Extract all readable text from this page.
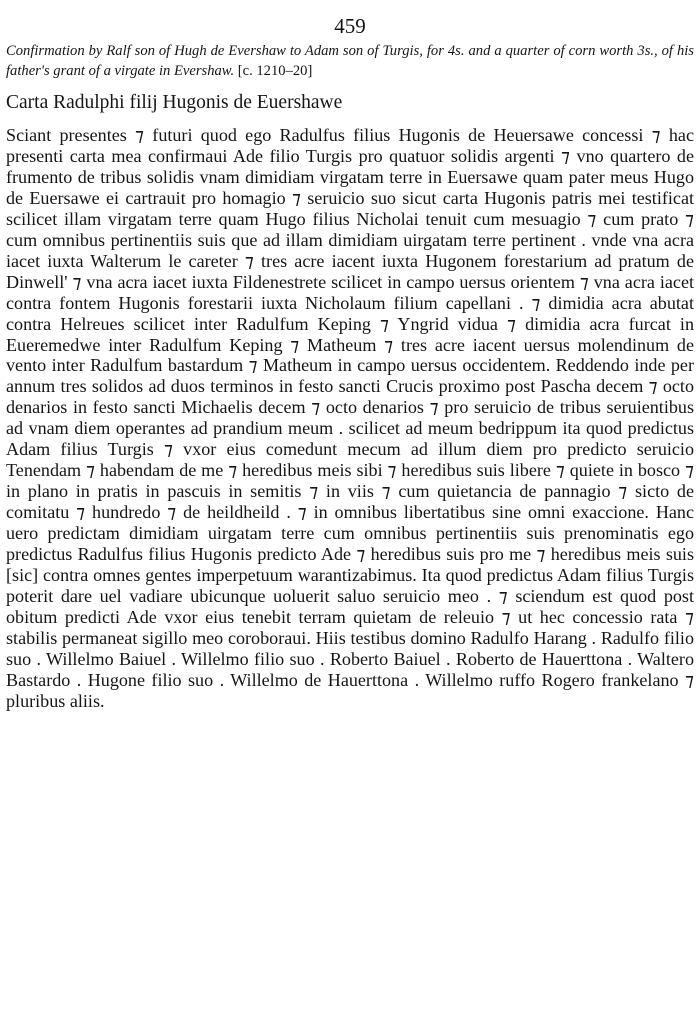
459
Confirmation by Ralf son of Hugh de Evershaw to Adam son of Turgis, for 4s. and a quarter of corn worth 3s., of his father's grant of a virgate in Evershaw. [c. 1210–20]
Carta Radulphi filij Hugonis de Euershawe

Sciant presentes ⁊ futuri quod ego Radulfus filius Hugonis de Heuersawe concessi ⁊ hac presenti carta mea confirmaui Ade filio Turgis pro quatuor solidis argenti ⁊ vno quartero de frumento de tribus solidis vnam dimidiam virgatam terre in Euersawe quam pater meus Hugo de Euersawe ei cartrauit pro homagio ⁊ seruicio suo sicut carta Hugonis patris mei testificat scilicet illam virgatam terre quam Hugo filius Nicholai tenuit cum mesuagio ⁊ cum prato ⁊ cum omnibus pertinentiis suis que ad illam dimidiam uirgatam terre pertinent . vnde vna acra iacet iuxta Walterum le careter ⁊ tres acre iacent iuxta Hugonem forestarium ad pratum de Dinwell' ⁊ vna acra iacet iuxta Fildenestrete scilicet in campo uersus orientem ⁊ vna acra iacet contra fontem Hugonis forestarii iuxta Nicholaum filium capellani . ⁊ dimidia acra abutat contra Helreues scilicet inter Radulfum Keping ⁊ Yngrid vidua ⁊ dimidia acra furcat in Eueremedwe inter Radulfum Keping ⁊ Matheum ⁊ tres acre iacent uersus molendinum de vento inter Radulfum bastardum ⁊ Matheum in campo uersus occidentem. Reddendo inde per annum tres solidos ad duos terminos in festo sancti Crucis proximo post Pascha decem ⁊ octo denarios in festo sancti Michaelis decem ⁊ octo denarios ⁊ pro seruicio de tribus seruientibus ad vnam diem operantes ad prandium meum . scilicet ad meum bedrippum ita quod predictus Adam filius Turgis ⁊ vxor eius comedunt mecum ad illum diem pro predicto seruicio Tenendam ⁊ habendam de me ⁊ heredibus meis sibi ⁊ heredibus suis libere ⁊ quiete in bosco ⁊ in plano in pratis in pascuis in semitis ⁊ in viis ⁊ cum quietancia de pannagio ⁊ sicto de comitatu ⁊ hundredo ⁊ de heildheild . ⁊ in omnibus libertatibus sine omni exaccione. Hanc uero predictam dimidiam uirgatam terre cum omnibus pertinentiis suis prenominatis ego predictus Radulfus filius Hugonis predicto Ade ⁊ heredibus suis pro me ⁊ heredibus meis suis [sic] contra omnes gentes imperpetuum warantizabimus. Ita quod predictus Adam filius Turgis poterit dare uel vadiare ubicunque uoluerit saluo seruicio meo . ⁊ sciendum est quod post obitum predicti Ade vxor eius tenebit terram quietam de releuio ⁊ ut hec concessio rata ⁊ stabilis permaneat sigillo meo coroboraui. Hiis testibus domino Radulfo Harang . Radulfo filio suo . Willelmo Baiuel . Willelmo filio suo . Roberto Baiuel . Roberto de Hauerttona . Waltero Bastardo . Hugone filio suo . Willelmo de Hauerttona . Willelmo ruffo Rogero frankelano ⁊ pluribus aliis.
